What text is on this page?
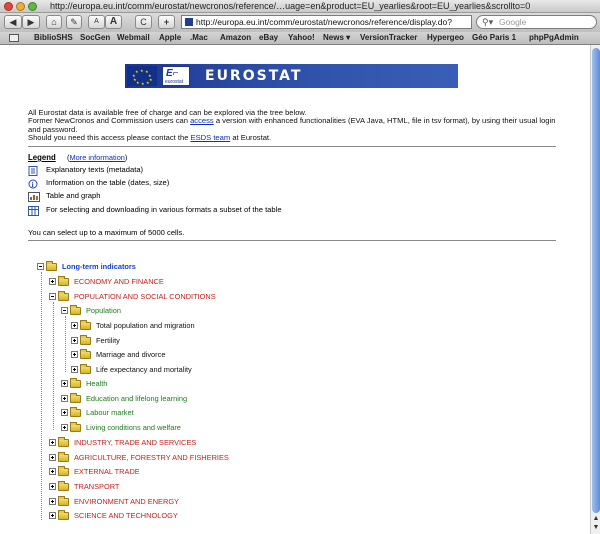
http://europa.eu.int/comm/eurostat/newcronos/reference/…uage=en&product=EU_yearlies&root=EU_yearlies&scrollto=0
◀	▶	⌂	✎	A	A	C	+	http://europa.eu.int/comm/eurostat/newcronos/reference/display.do?	⚲▾ Google
BiblioSHS SocGen Webmail Apple .Mac Amazon eBay Yahoo! News ▾ VersionTracker Hypergeo Géo Paris 1 phpPgAdmin
▲
▼
★ ★
★
★
★
★
★
★
★
★	E⌐
eurostat EUROSTAT
All Eurostat data is available free of charge and can be explored via the tree below.
Former NewCronos and Commission users can access a version with enhanced functionalities (EVA Java, HTML, file in tsv format), by using their usual login and password.
Should you need this access please contact the ESDS team at Eurostat.
Legend (More information)
Explanatory texts (metadata)
i Information on the table (dates, size)
Table and graph
For selecting and downloading in various formats a subset of the table
You can select up to a maximum of 5000 cells.
Long-term indicators
ECONOMY AND FINANCE
POPULATION AND SOCIAL CONDITIONS
Population
Total population and migration
Fertility
Marriage and divorce
Life expectancy and mortality
Health
Education and lifelong learning
Labour market
Living conditions and welfare
INDUSTRY, TRADE AND SERVICES
AGRICULTURE, FORESTRY AND FISHERIES
EXTERNAL TRADE
TRANSPORT
ENVIRONMENT AND ENERGY
SCIENCE AND TECHNOLOGY
